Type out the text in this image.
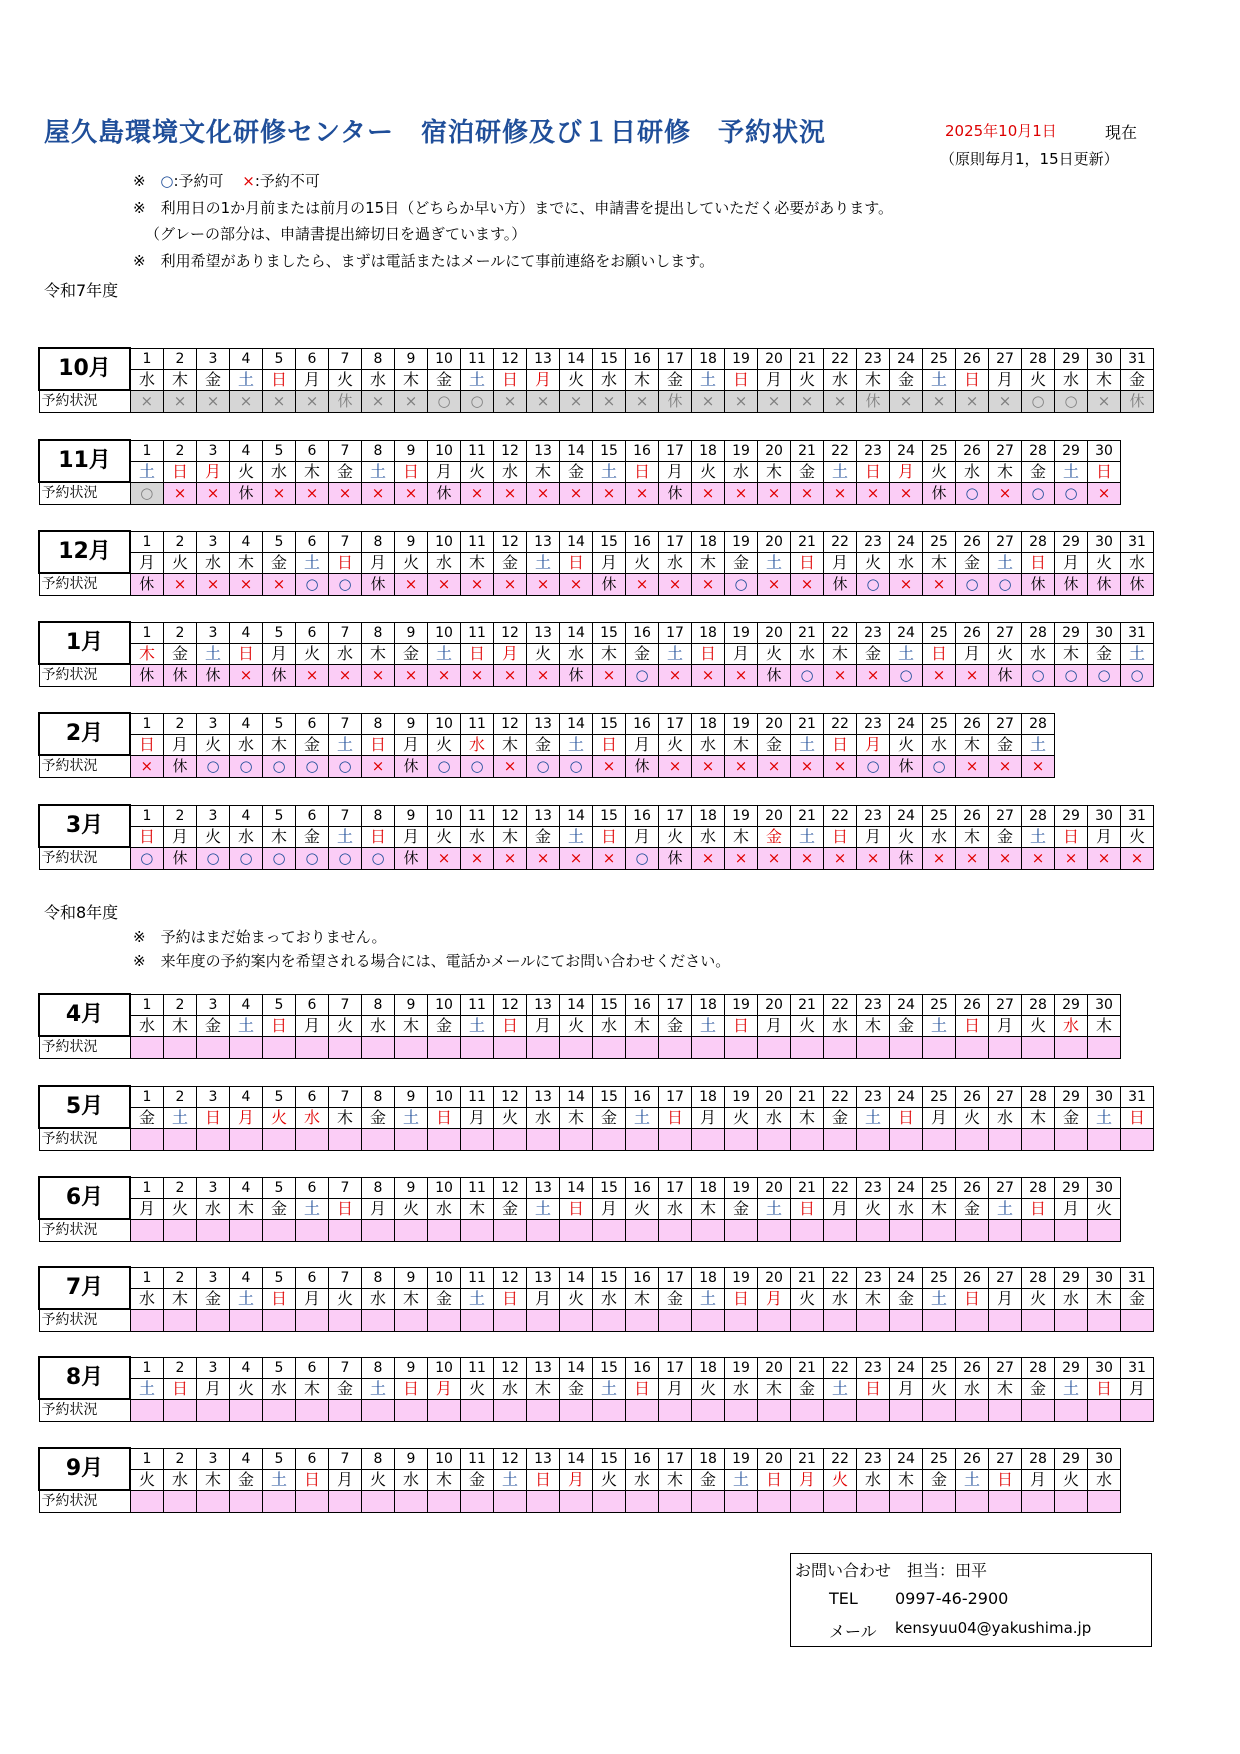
屋久島環境文化研修センター　宿泊研修及び１日研修　予約状況	2025年10月1日	現在
（原則毎月1，15日更新）
※ ○:予約可 ×:予約不可
※　利用日の1か月前または前月の15日（どちらか早い方）までに、申請書を提出していただく必要があります。
（グレーの部分は、申請書提出締切日を過ぎています。）
※　利用希望がありましたら、まずは電話またはメールにて事前連絡をお願いします。
令和7年度
令和8年度
※　予約はまだ始まっておりません。
※　来年度の予約案内を希望される場合には、電話かメールにてお問い合わせください。
10月	1	2	3	4	5	6	7	8	9	10	11	12	13	14	15	16	17	18	19	20	21	22	23	24	25	26	27	28	29	30	31
	水	木	金	土	日	月	火	水	木	金	土	日	月	火	水	木	金	土	日	月	火	水	木	金	土	日	月	火	水	木	金
予約状況	×	×	×	×	×	×	休	×	×	○	○	×	×	×	×	×	休	×	×	×	×	×	休	×	×	×	×	○	○	×	休
11月	1	2	3	4	5	6	7	8	9	10	11	12	13	14	15	16	17	18	19	20	21	22	23	24	25	26	27	28	29	30
	土	日	月	火	水	木	金	土	日	月	火	水	木	金	土	日	月	火	水	木	金	土	日	月	火	水	木	金	土	日
予約状況	○	×	×	休	×	×	×	×	×	休	×	×	×	×	×	×	休	×	×	×	×	×	×	×	休	○	×	○	○	×
12月	1	2	3	4	5	6	7	8	9	10	11	12	13	14	15	16	17	18	19	20	21	22	23	24	25	26	27	28	29	30	31
	月	火	水	木	金	土	日	月	火	水	木	金	土	日	月	火	水	木	金	土	日	月	火	水	木	金	土	日	月	火	水
予約状況	休	×	×	×	×	○	○	休	×	×	×	×	×	×	休	×	×	×	○	×	×	休	○	×	×	○	○	休	休	休	休
1月	1	2	3	4	5	6	7	8	9	10	11	12	13	14	15	16	17	18	19	20	21	22	23	24	25	26	27	28	29	30	31
	木	金	土	日	月	火	水	木	金	土	日	月	火	水	木	金	土	日	月	火	水	木	金	土	日	月	火	水	木	金	土
予約状況	休	休	休	×	休	×	×	×	×	×	×	×	×	休	×	○	×	×	×	休	○	×	×	○	×	×	休	○	○	○	○
2月	1	2	3	4	5	6	7	8	9	10	11	12	13	14	15	16	17	18	19	20	21	22	23	24	25	26	27	28
	日	月	火	水	木	金	土	日	月	火	水	木	金	土	日	月	火	水	木	金	土	日	月	火	水	木	金	土
予約状況	×	休	○	○	○	○	○	×	休	○	○	×	○	○	×	休	×	×	×	×	×	×	○	休	○	×	×	×
3月	1	2	3	4	5	6	7	8	9	10	11	12	13	14	15	16	17	18	19	20	21	22	23	24	25	26	27	28	29	30	31
	日	月	火	水	木	金	土	日	月	火	水	木	金	土	日	月	火	水	木	金	土	日	月	火	水	木	金	土	日	月	火
予約状況	○	休	○	○	○	○	○	○	休	×	×	×	×	×	×	○	休	×	×	×	×	×	×	休	×	×	×	×	×	×	×
4月	1	2	3	4	5	6	7	8	9	10	11	12	13	14	15	16	17	18	19	20	21	22	23	24	25	26	27	28	29	30
	水	木	金	土	日	月	火	水	木	金	土	日	月	火	水	木	金	土	日	月	火	水	木	金	土	日	月	火	水	木
予約状況																														
5月	1	2	3	4	5	6	7	8	9	10	11	12	13	14	15	16	17	18	19	20	21	22	23	24	25	26	27	28	29	30	31
	金	土	日	月	火	水	木	金	土	日	月	火	水	木	金	土	日	月	火	水	木	金	土	日	月	火	水	木	金	土	日
予約状況																															
6月	1	2	3	4	5	6	7	8	9	10	11	12	13	14	15	16	17	18	19	20	21	22	23	24	25	26	27	28	29	30
	月	火	水	木	金	土	日	月	火	水	木	金	土	日	月	火	水	木	金	土	日	月	火	水	木	金	土	日	月	火
予約状況																														
7月	1	2	3	4	5	6	7	8	9	10	11	12	13	14	15	16	17	18	19	20	21	22	23	24	25	26	27	28	29	30	31
	水	木	金	土	日	月	火	水	木	金	土	日	月	火	水	木	金	土	日	月	火	水	木	金	土	日	月	火	水	木	金
予約状況																															
8月	1	2	3	4	5	6	7	8	9	10	11	12	13	14	15	16	17	18	19	20	21	22	23	24	25	26	27	28	29	30	31
	土	日	月	火	水	木	金	土	日	月	火	水	木	金	土	日	月	火	水	木	金	土	日	月	火	水	木	金	土	日	月
予約状況																															
9月	1	2	3	4	5	6	7	8	9	10	11	12	13	14	15	16	17	18	19	20	21	22	23	24	25	26	27	28	29	30
	火	水	木	金	土	日	月	火	水	木	金	土	日	月	火	水	木	金	土	日	月	火	水	木	金	土	日	月	火	水
予約状況																														
お問い合わせ　担当：田平
TEL 0997-46-2900
メール kensyuu04@yakushima.jp
